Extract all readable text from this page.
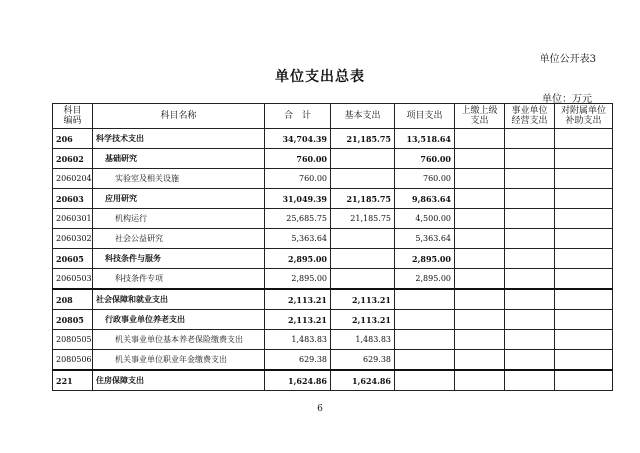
单位公开表3
单位支出总表
单位：万元
科目
编码	科目名称	合　计	基本支出	项目支出	上缴上级支出	事业单位经营支出	对附属单位补助支出
206	科学技术支出	34,704.39	21,185.75	13,518.64			
20602	基础研究	760.00		760.00			
2060204	实验室及相关设施	760.00		760.00			
20603	应用研究	31,049.39	21,185.75	9,863.64			
2060301	机构运行	25,685.75	21,185.75	4,500.00			
2060302	社会公益研究	5,363.64		5,363.64			
20605	科技条件与服务	2,895.00		2,895.00			
2060503	科技条件专项	2,895.00		2,895.00			
208	社会保障和就业支出	2,113.21	2,113.21				
20805	行政事业单位养老支出	2,113.21	2,113.21				
2080505	机关事业单位基本养老保险缴费支出	1,483.83	1,483.83				
2080506	机关事业单位职业年金缴费支出	629.38	629.38				
221	住房保障支出	1,624.86	1,624.86				
6
